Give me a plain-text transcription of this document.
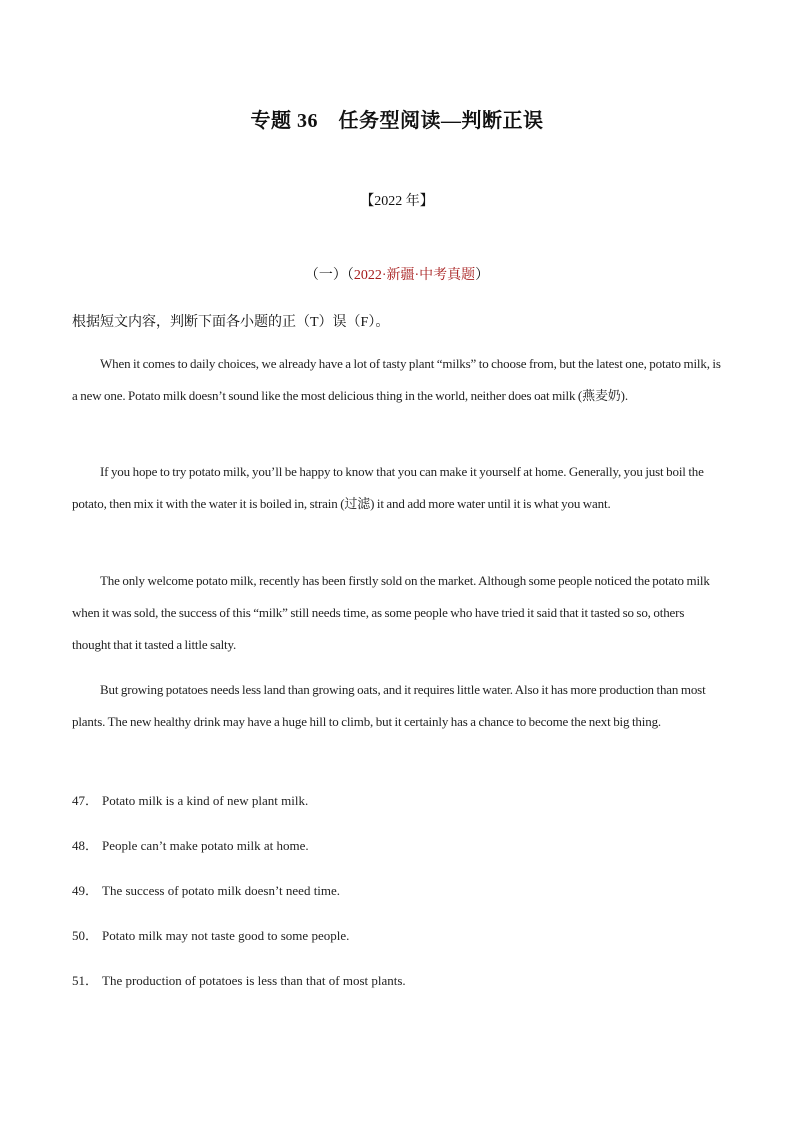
专题 36　任务型阅读—判断正误

【2022 年】

（一）（2022·新疆·中考真题）

根据短文内容，判断下面各小题的正（T）误（F）。

When it comes to daily choices, we already have a lot of tasty plant “milks” to choose from, but the latest one, potato milk, is a new one. Potato milk doesn’t sound like the most delicious thing in the world, neither does oat milk (燕麦奶).

If you hope to try potato milk, you’ll be happy to know that you can make it yourself at home. Generally, you just boil the potato, then mix it with the water it is boiled in, strain (过滤) it and add more water until it is what you want.

The only welcome potato milk, recently has been firstly sold on the market. Although some people noticed the potato milk when it was sold, the success of this “milk” still needs time, as some people who have tried it said that it tasted so so, others thought that it tasted a little salty.

But growing potatoes needs less land than growing oats, and it requires little water. Also it has more production than most plants. The new healthy drink may have a huge hill to climb, but it certainly has a chance to become the next big thing.

47． Potato milk is a kind of new plant milk.

48． People can’t make potato milk at home.

49． The success of potato milk doesn’t need time.

50． Potato milk may not taste good to some people.

51． The production of potatoes is less than that of most plants.
